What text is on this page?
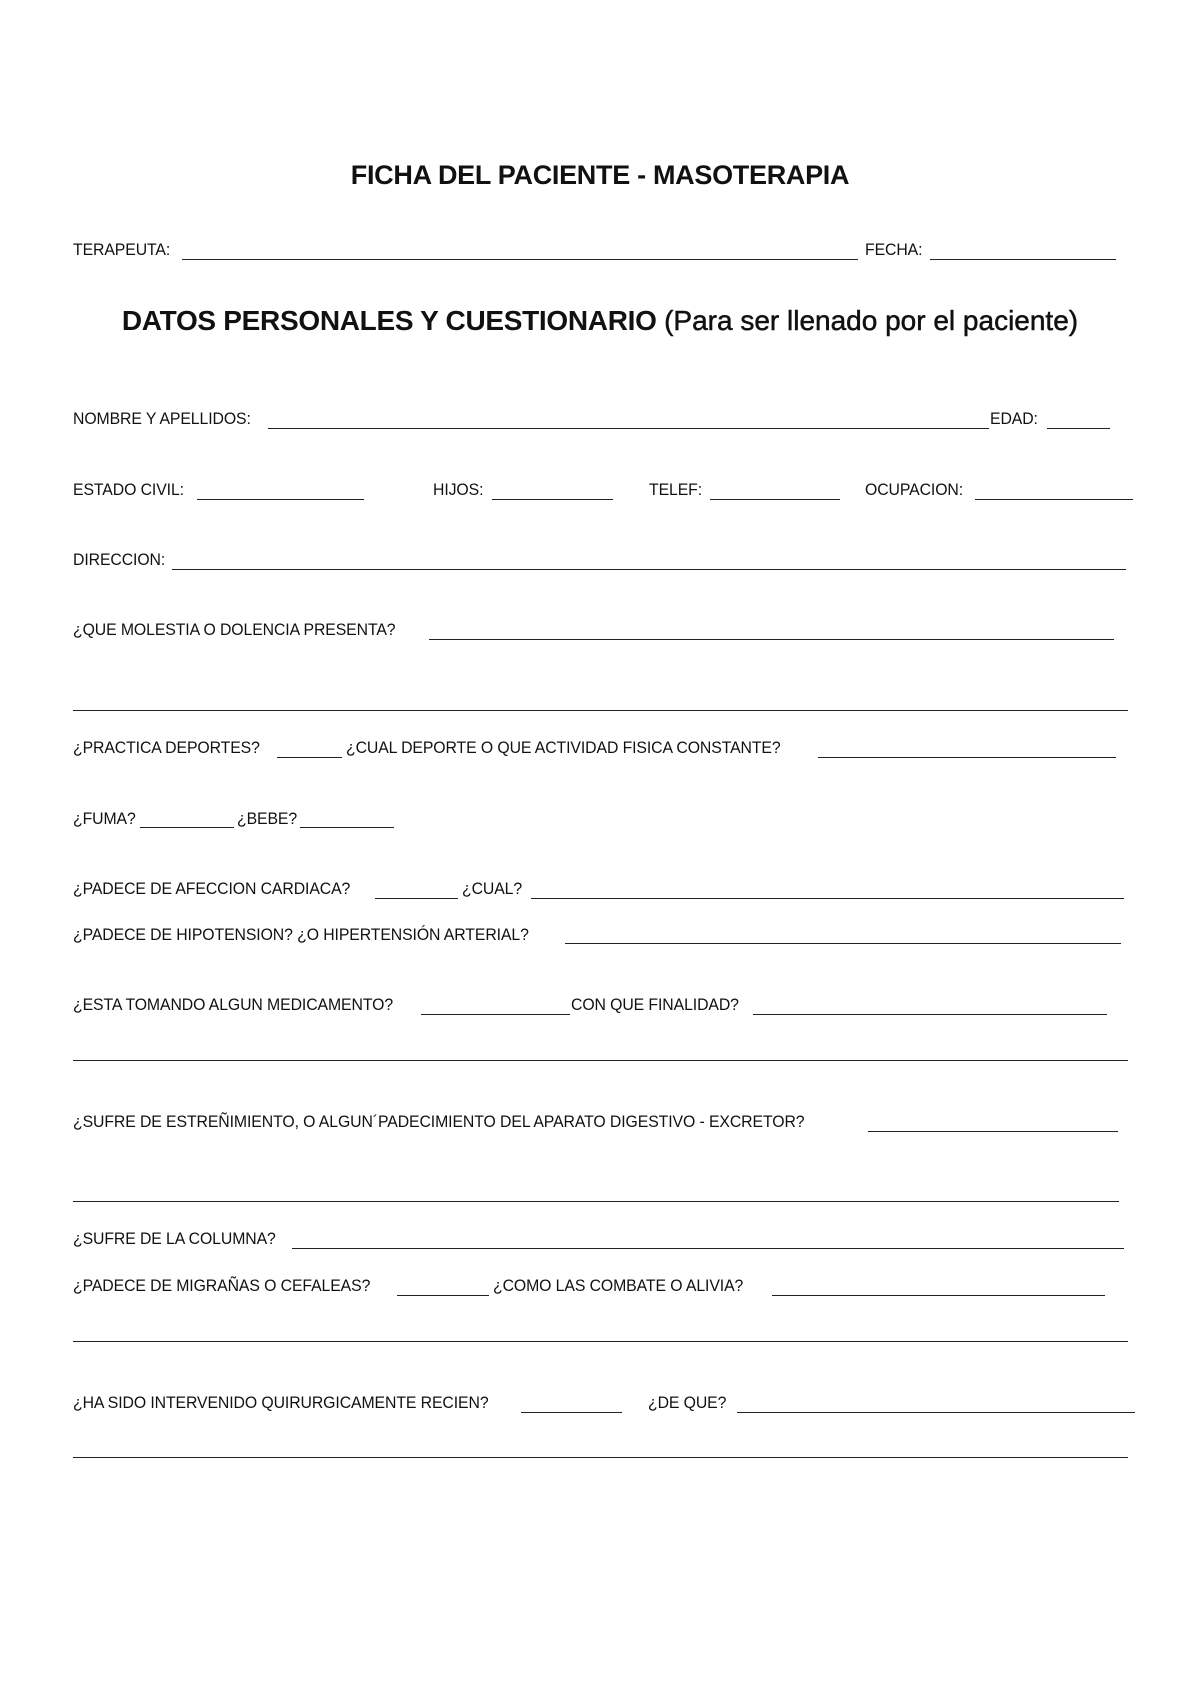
FICHA DEL PACIENTE - MASOTERAPIA
TERAPEUTA:	FECHA:
DATOS PERSONALES Y CUESTIONARIO (Para ser llenado por el paciente)
NOMBRE Y APELLIDOS:	EDAD:
ESTADO CIVIL:	HIJOS:	TELEF:	OCUPACION:
DIRECCION:
¿QUE MOLESTIA O DOLENCIA PRESENTA?
¿PRACTICA DEPORTES?	¿CUAL DEPORTE O QUE ACTIVIDAD FISICA CONSTANTE?
¿FUMA?	¿BEBE?
¿PADECE DE AFECCION CARDIACA?	¿CUAL?
¿PADECE DE HIPOTENSION? ¿O HIPERTENSIÓN ARTERIAL?
¿ESTA TOMANDO ALGUN MEDICAMENTO?	CON QUE FINALIDAD?
¿SUFRE DE ESTREÑIMIENTO, O ALGUN´PADECIMIENTO DEL APARATO DIGESTIVO - EXCRETOR?
¿SUFRE DE LA COLUMNA?
¿PADECE DE MIGRAÑAS O CEFALEAS?	¿COMO LAS COMBATE O ALIVIA?
¿HA SIDO INTERVENIDO QUIRURGICAMENTE RECIEN?	¿DE QUE?
